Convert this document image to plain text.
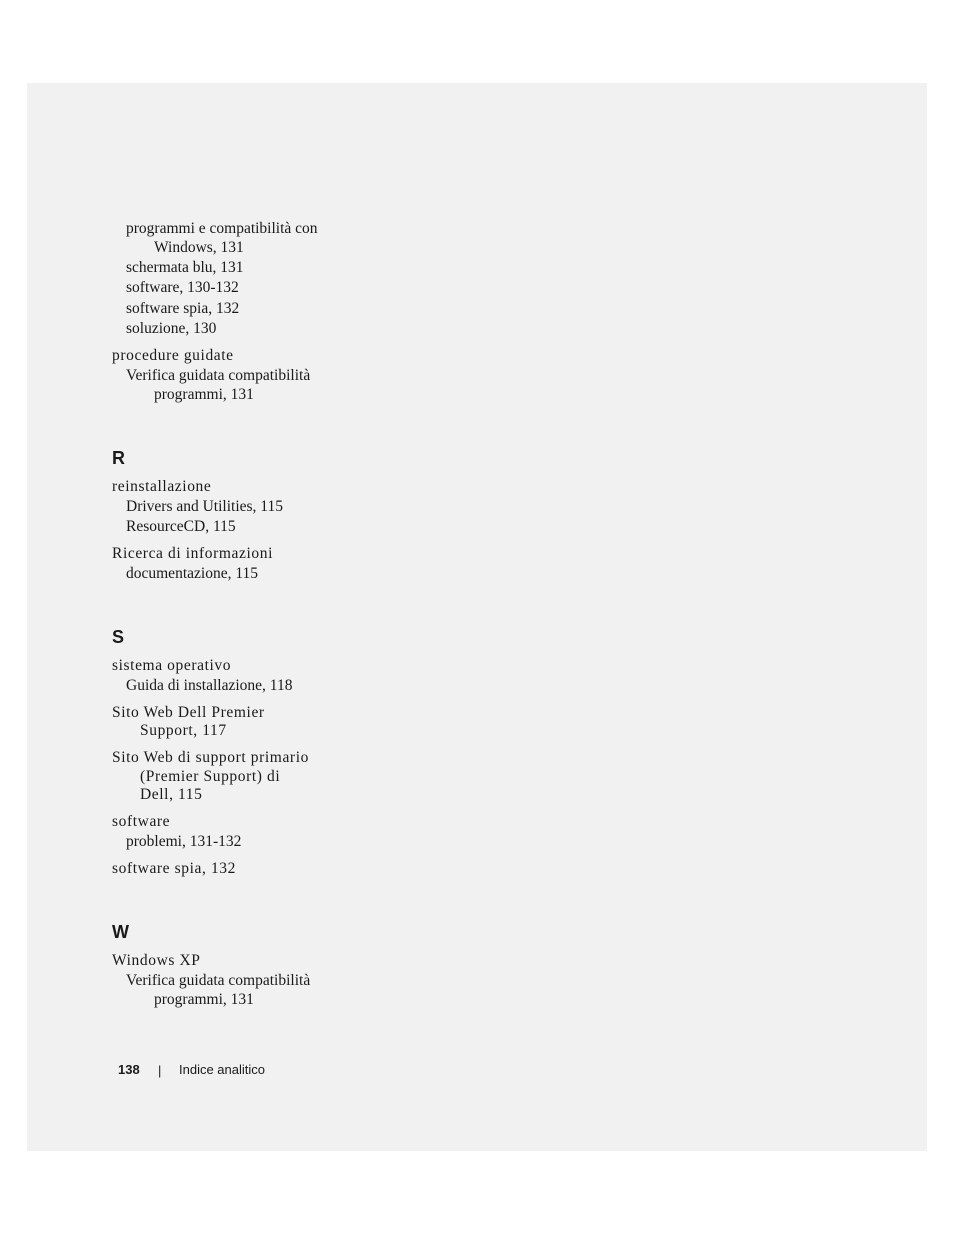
programmi e compatibilità con
Windows, 131
schermata blu, 131
software, 130-132
software spia, 132
soluzione, 130
procedure guidate
Verifica guidata compatibilità
programmi, 131
R
reinstallazione
Drivers and Utilities, 115
ResourceCD, 115
Ricerca di informazioni
documentazione, 115
S
sistema operativo
Guida di installazione, 118
Sito Web Dell Premier
Support, 117
Sito Web di support primario
(Premier Support) di
Dell, 115
software
problemi, 131-132
software spia, 132
W
Windows XP
Verifica guidata compatibilità
programmi, 131
138 | Indice analitico
